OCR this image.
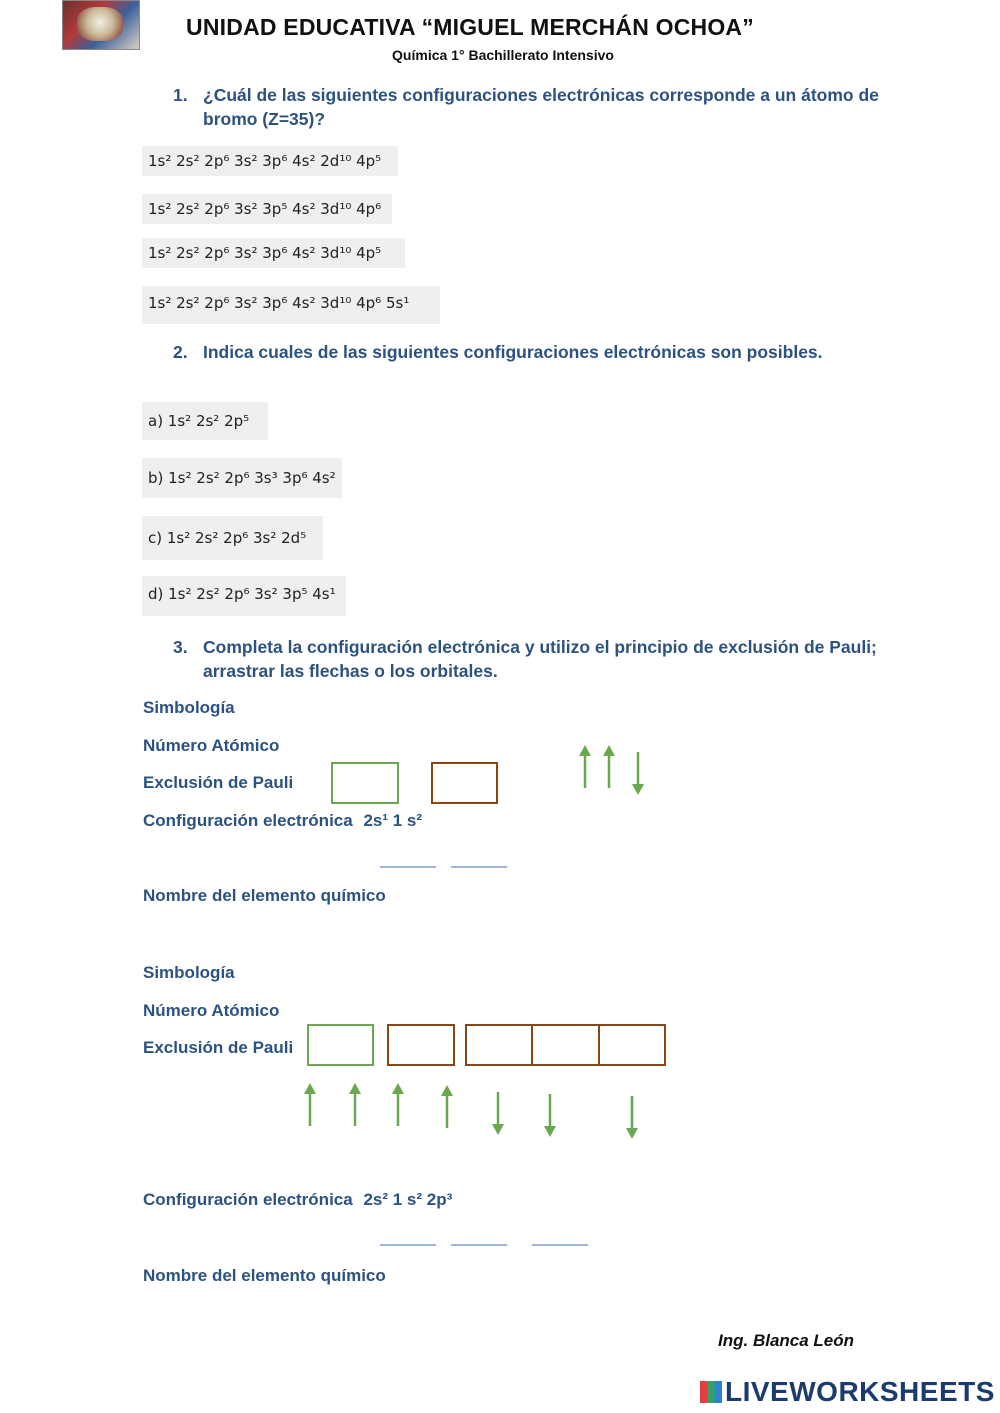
UNIDAD EDUCATIVA “MIGUEL MERCHÁN OCHOA”
Química 1° Bachillerato Intensivo
1. ¿Cuál de las siguientes configuraciones electrónicas corresponde a un átomo de bromo (Z=35)?
1s² 2s² 2p⁶ 3s² 3p⁶ 4s² 2d¹⁰ 4p⁵
1s² 2s² 2p⁶ 3s² 3p⁵ 4s² 3d¹⁰ 4p⁶
1s² 2s² 2p⁶ 3s² 3p⁶ 4s² 3d¹⁰ 4p⁵
1s² 2s² 2p⁶ 3s² 3p⁶ 4s² 3d¹⁰ 4p⁶ 5s¹
2. Indica cuales de las siguientes configuraciones electrónicas son posibles.
a) 1s² 2s² 2p⁵
b) 1s² 2s² 2p⁶ 3s³ 3p⁶ 4s²
c) 1s² 2s² 2p⁶ 3s² 2d⁵
d) 1s² 2s² 2p⁶ 3s² 3p⁵ 4s¹
3. Completa la configuración electrónica y utilizo el principio de exclusión de Pauli; arrastrar las flechas o los orbitales.
Simbología
Número Atómico
Exclusión de Pauli
Configuración electrónica 2s¹ 1 s²
Nombre del elemento químico
Simbología
Número Atómico
Exclusión de Pauli
Configuración electrónica 2s² 1 s² 2p³
Nombre del elemento químico
Ing. Blanca León
LIVEWORKSHEETS
